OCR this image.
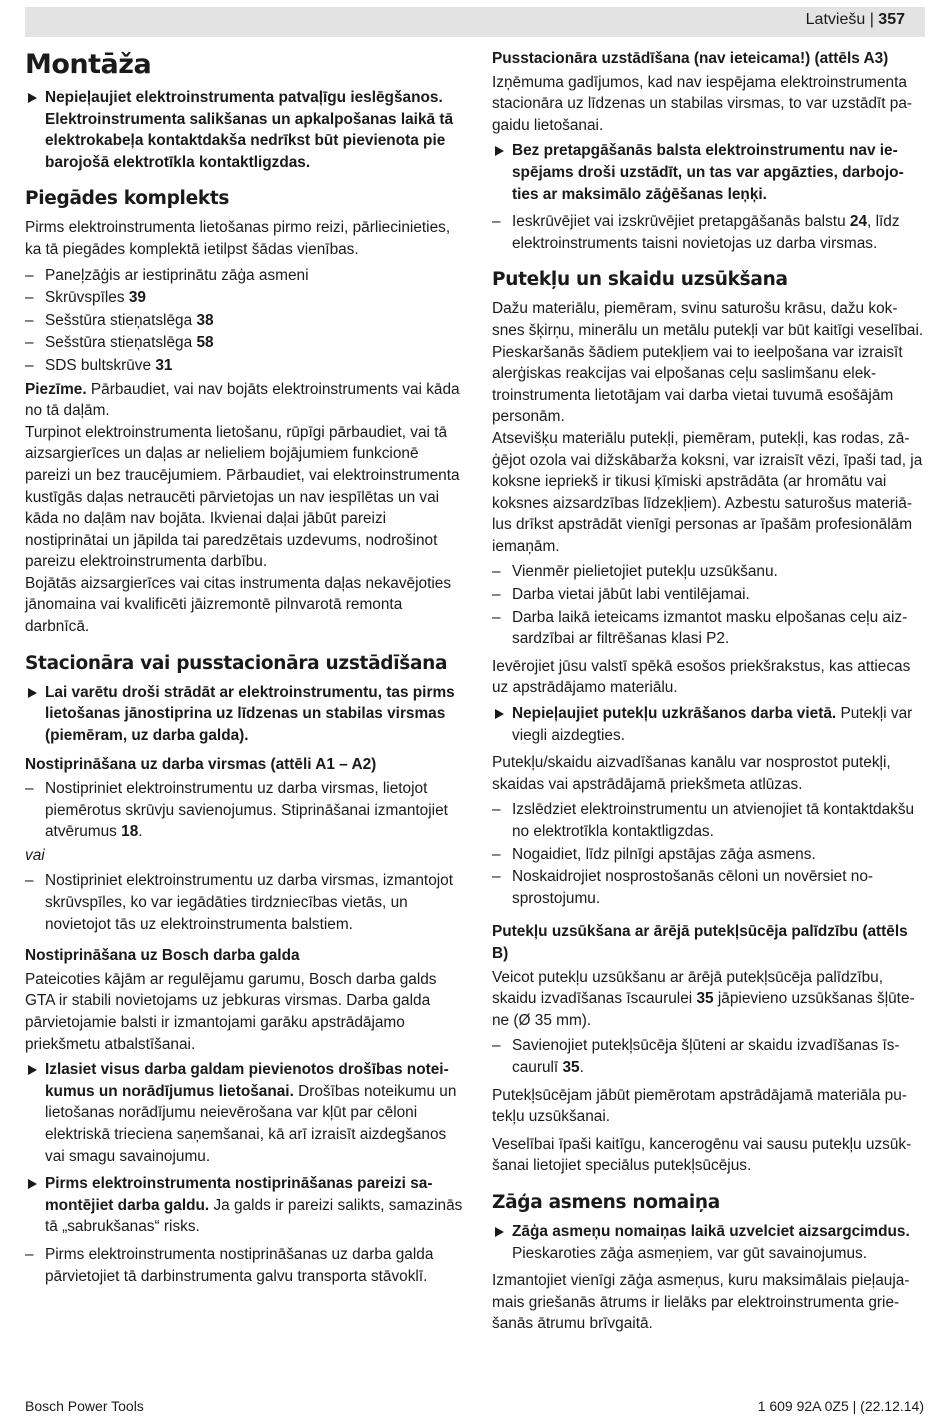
Latviešu | 357
Montāža
Nepieļaujiet elektroinstrumenta patvaļīgu ieslēgšanos. Elektroinstrumenta salikšanas un apkalpošanas laikā tā elektrokabeļa kontaktdakša nedrīkst būt pievienota pie barojošā elektrotīkla kontaktligzdas.
Piegādes komplekts

Pirms elektroinstrumenta lietošanas pirmo reizi, pārliecinieties, ka tā piegādes komplektā ietilpst šādas vienības.

– Paneļzāģis ar iestiprinātu zāģa asmeni
– Skrūvspīles 39
– Sešstūra stieņatslēga 38
– Sešstūra stieņatslēga 58
– SDS bultskrūve 31

Piezīme. Pārbaudiet, vai nav bojāts elektroinstruments vai kāda no tā daļām.

Turpinot elektroinstrumenta lietošanu, rūpīgi pārbaudiet, vai tā aizsargierīces un daļas ar nelieliem bojājumiem funkcionē pareizi un bez traucējumiem. Pārbaudiet, vai elektroinstrumenta kustīgās daļas netraucēti pārvietojas un nav iespīlētas un vai kāda no daļām nav bojāta. Ikvienai daļai jābūt pareizi nostiprinātai un jāpilda tai paredzētais uzdevums, nodrošinot pareizu elektroinstrumenta darbību.

Bojātās aizsargierīces vai citas instrumenta daļas nekavējoties jānomaina vai kvalificēti jāizremontē pilnvarotā remonta darbnīcā.

Stacionāra vai pusstacionāra uzstādīšana
Lai varētu droši strādāt ar elektroinstrumentu, tas pirms lietošanas jānostiprina uz līdzenas un stabilas virsmas (piemēram, uz darba galda).
Nostiprināšana uz darba virsmas (attēli A1 – A2)
– Nostipriniet elektroinstrumentu uz darba virsmas, lietojot piemērotus skrūvju savienojumus. Stiprināšanai izmantojiet atvērumus 18.

vai

– Nostipriniet elektroinstrumentu uz darba virsmas, izmantojot skrūvspīles, ko var iegādāties tirdzniecības vietās, un novietojot tās uz elektroinstrumenta balstiem.
Nostiprināšana uz Bosch darba galda

Pateicoties kājām ar regulējamu garumu, Bosch darba galds GTA ir stabili novietojams uz jebkuras virsmas. Darba galda pārvietojamie balsti ir izmantojami garāku apstrādājamo priekšmetu atbalstīšanai.

Izlasiet visus darba galdam pievienotos drošības noteikumus un norādījumus lietošanai. Drošības noteikumu un lietošanas norādījumu neievērošana var kļūt par cēloni elektriskā trieciena saņemšanai, kā arī izraisīt aizdegšanos vai smagu savainojumu.
Pirms elektroinstrumenta nostiprināšanas pareizi samontējiet darba galdu. Ja galds ir pareizi salikts, samazinās tā „sabrukšanas“ risks.
– Pirms elektroinstrumenta nostiprināšanas uz darba galda pārvietojiet tā darbinstrumenta galvu transporta stāvoklī.
Pusstacionāra uzstādīšana (nav ieteicama!) (attēls A3)

Izņēmuma gadījumos, kad nav iespējama elektroinstrumenta stacionāra uz līdzenas un stabilas virsmas, to var uzstādīt pagaidu lietošanai.

Bez pretapgāšanās balsta elektroinstrumentu nav iespējams droši uzstādīt, un tas var apgāzties, darbojoties ar maksimālo zāģēšanas leņķi.
– Ieskrūvējiet vai izskrūvējiet pretapgāšanās balstu 24, līdz elektroinstruments taisni novietojas uz darba virsmas.
Putekļu un skaidu uzsūkšana

Dažu materiālu, piemēram, svinu saturošu krāsu, dažu koksnes šķirņu, minerālu un metālu putekļi var būt kaitīgi veselībai. Pieskaršanās šādiem putekļiem vai to ieelpošana var izraisīt alerģiskas reakcijas vai elpošanas ceļu saslimšanu elektroinstrumenta lietotājam vai darba vietai tuvumā esošājām personām.

Atsevišķu materiālu putekļi, piemēram, putekļi, kas rodas, zāģējot ozola vai dižskābarža koksni, var izraisīt vēzi, īpaši tad, ja koksne iepriekš ir tikusi ķīmiski apstrādāta (ar hromātu vai koksnes aizsardzības līdzekļiem). Azbestu saturošus materiālus drīkst apstrādāt vienīgi personas ar īpašām profesionālām iemaņām.

– Vienmēr pielietojiet putekļu uzsūkšanu.
– Darba vietai jābūt labi ventilējamai.
– Darba laikā ieteicams izmantot masku elpošanas ceļu aizsardzībai ar filtrēšanas klasi P2.

Ievērojiet jūsu valstī spēkā esošos priekšrakstus, kas attiecas uz apstrādājamo materiālu.

Nepieļaujiet putekļu uzkrāšanos darba vietā. Putekļi var viegli aizdegties.

Putekļu/skaidu aizvadīšanas kanālu var nosprostot putekļi, skaidas vai apstrādājamā priekšmeta atlūzas.

– Izslēdziet elektroinstrumentu un atvienojiet tā kontaktdakšu no elektrotīkla kontaktligzdas.
– Nogaidiet, līdz pilnīgi apstājas zāģa asmens.
– Noskaidrojiet nosprostošanās cēloni un novērsiet nosprostojumu.
Putekļu uzsūkšana ar ārējā putekļsūcēja palīdzību (attēls B)

Veicot putekļu uzsūkšanu ar ārējā putekļsūcēja palīdzību, skaidu izvadīšanas īscaurulei 35 jāpievieno uzsūkšanas šļūtene (Ø 35 mm).

– Savienojiet putekļsūcēja šļūteni ar skaidu izvadīšanas īscaurulī 35.

Putekļsūcējam jābūt piemērotam apstrādājamā materiāla putekļu uzsūkšanai.

Veselībai īpaši kaitīgu, kancerogēnu vai sausu putekļu uzsūkšanai lietojiet speciālus putekļsūcējus.

Zāģa asmens nomaiņa
Zāģa asmeņu nomaiņas laikā uzvelciet aizsargcimdus. Pieskaroties zāģa asmeņiem, var gūt savainojumus.

Izmantojiet vienīgi zāģa asmeņus, kuru maksimālais pieļaujamais griešanās ātrums ir lielāks par elektroinstrumenta griešanās ātrumu brīvgaitā.

Bosch Power Tools	1 609 92A 0Z5 | (22.12.14)
